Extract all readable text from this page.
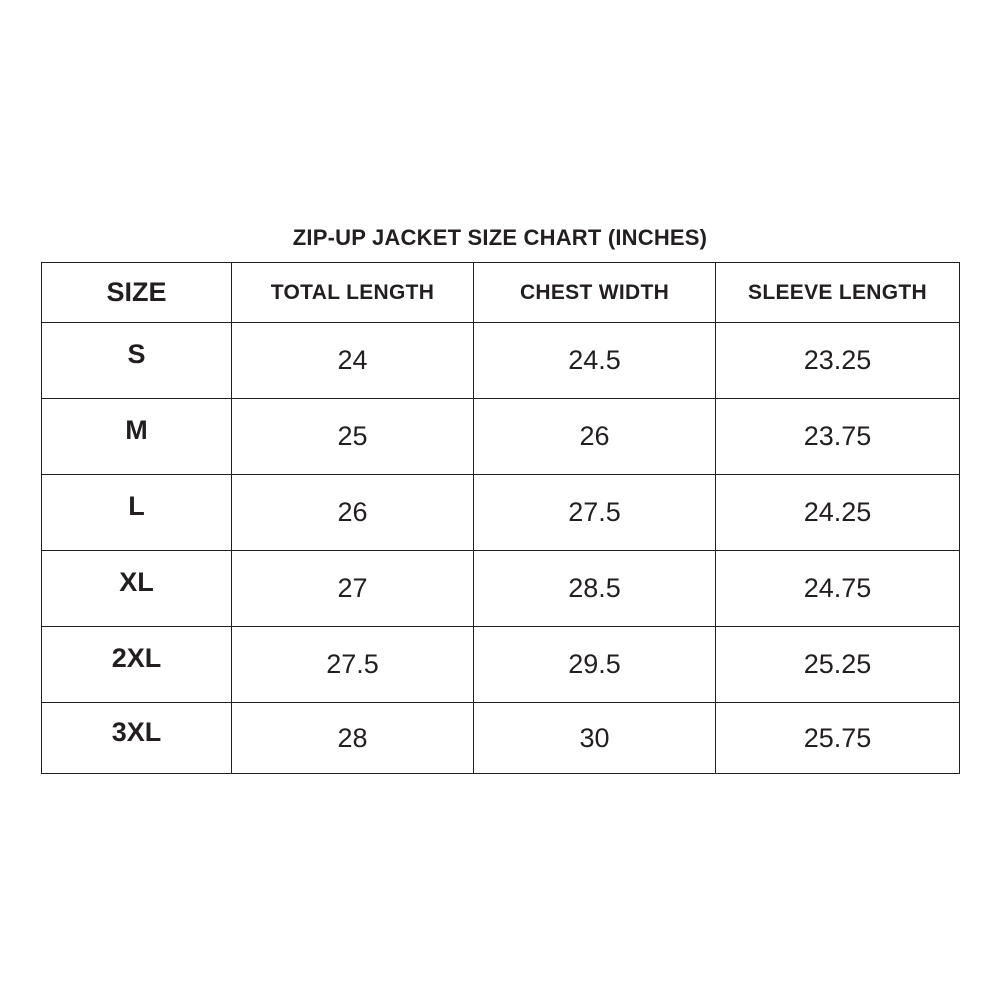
ZIP-UP JACKET SIZE CHART (INCHES)
SIZE	TOTAL LENGTH	CHEST WIDTH	SLEEVE LENGTH
S	24	24.5	23.25
M	25	26	23.75
L	26	27.5	24.25
XL	27	28.5	24.75
2XL	27.5	29.5	25.25
3XL	28	30	25.75
